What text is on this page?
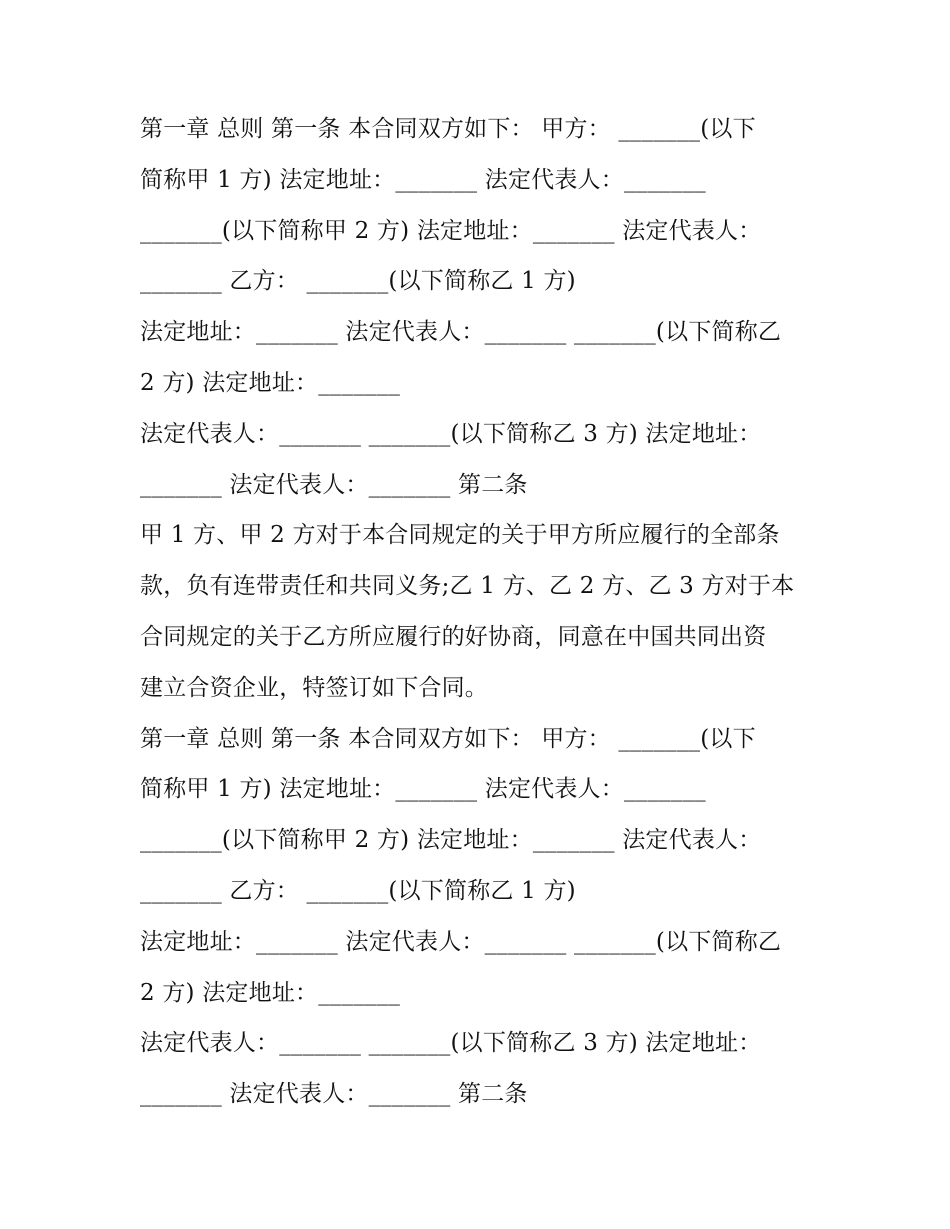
第一章 总则 第一条 本合同双方如下： 甲方： _______(以下
简称甲 1 方) 法定地址：_______ 法定代表人：_______
_______(以下简称甲 2 方) 法定地址：_______ 法定代表人：
_______ 乙方： _______(以下简称乙 1 方)
法定地址：_______ 法定代表人：_______ _______(以下简称乙
2 方) 法定地址：_______
法定代表人：_______ _______(以下简称乙 3 方) 法定地址：
_______ 法定代表人：_______ 第二条
甲 1 方、甲 2 方对于本合同规定的关于甲方所应履行的全部条
款，负有连带责任和共同义务;乙 1 方、乙 2 方、乙 3 方对于本
合同规定的关于乙方所应履行的好协商，同意在中国共同出资
建立合资企业，特签订如下合同。
第一章 总则 第一条 本合同双方如下： 甲方： _______(以下
简称甲 1 方) 法定地址：_______ 法定代表人：_______
_______(以下简称甲 2 方) 法定地址：_______ 法定代表人：
_______ 乙方： _______(以下简称乙 1 方)
法定地址：_______ 法定代表人：_______ _______(以下简称乙
2 方) 法定地址：_______
法定代表人：_______ _______(以下简称乙 3 方) 法定地址：
_______ 法定代表人：_______ 第二条
